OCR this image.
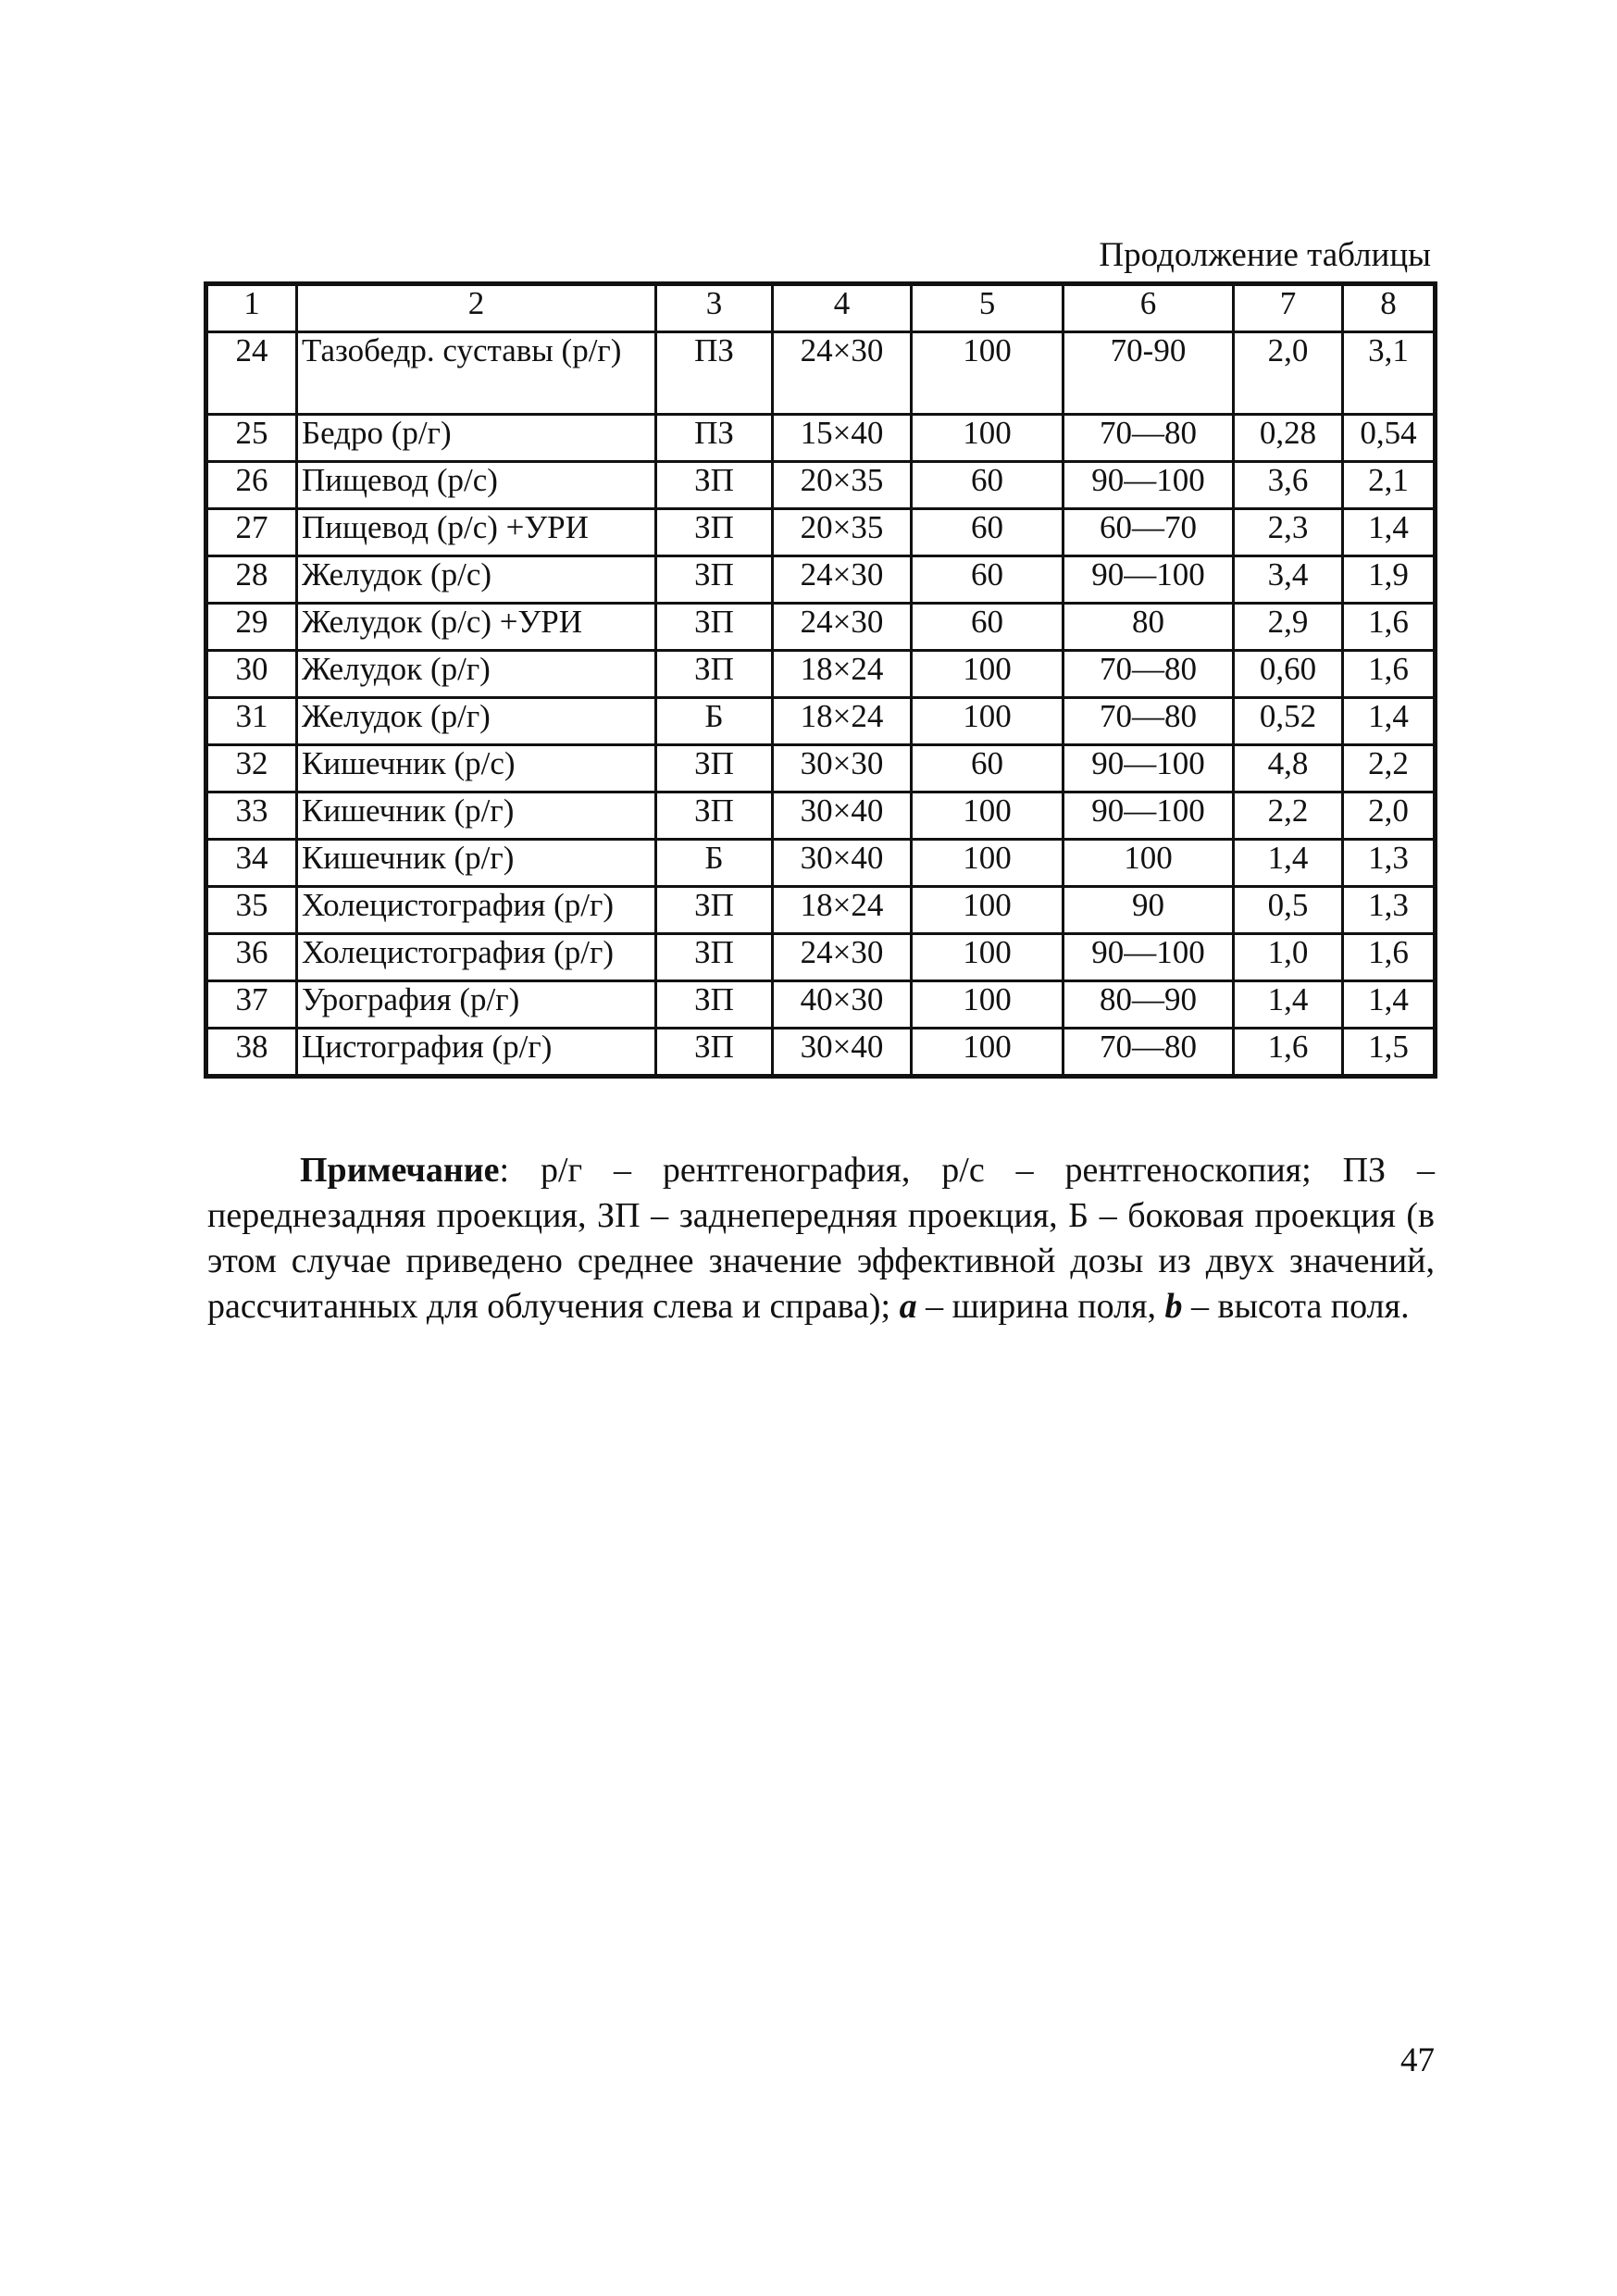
Продолжение таблицы
1	2	3	4	5	6	7	8
24	Тазобедр. суставы (р/г)	ПЗ	24×30	100	70-90	2,0	3,1
25	Бедро (р/г)	ПЗ	15×40	100	70—80	0,28	0,54
26	Пищевод (р/с)	ЗП	20×35	60	90—100	3,6	2,1
27	Пищевод (р/с) +УРИ	ЗП	20×35	60	60—70	2,3	1,4
28	Желудок (р/с)	ЗП	24×30	60	90—100	3,4	1,9
29	Желудок (р/с) +УРИ	ЗП	24×30	60	80	2,9	1,6
30	Желудок (р/г)	ЗП	18×24	100	70—80	0,60	1,6
31	Желудок (р/г)	Б	18×24	100	70—80	0,52	1,4
32	Кишечник (р/с)	ЗП	30×30	60	90—100	4,8	2,2
33	Кишечник (р/г)	ЗП	30×40	100	90—100	2,2	2,0
34	Кишечник (р/г)	Б	30×40	100	100	1,4	1,3
35	Холецистография (р/г)	ЗП	18×24	100	90	0,5	1,3
36	Холецистография (р/г)	ЗП	24×30	100	90—100	1,0	1,6
37	Урография (р/г)	ЗП	40×30	100	80—90	1,4	1,4
38	Цистография (р/г)	ЗП	30×40	100	70—80	1,6	1,5
Примечание: р/г – рентгенография, р/с – рентгеноскопия; ПЗ – переднезадняя проекция, ЗП – заднепередняя проекция, Б – боковая проекция (в этом случае приведено среднее значение эффективной дозы из двух значений, рассчитанных для облучения слева и справа); a – ширина поля, b – высота поля.
47
